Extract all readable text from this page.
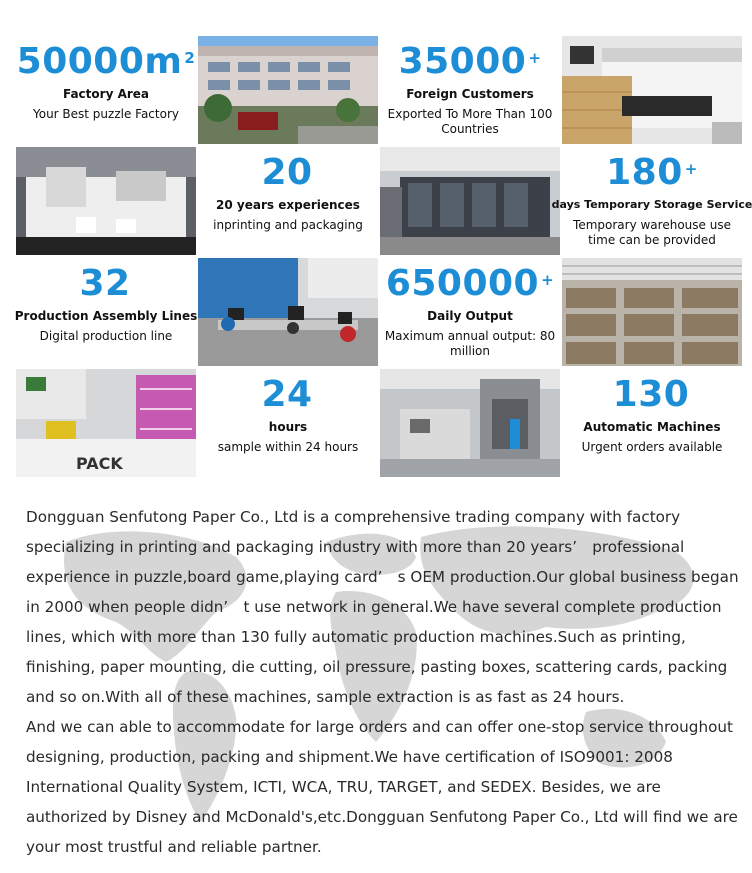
50000m $^2$
Factory Area
Your Best puzzle Factory
35000 +
Foreign Customers
Exported To More Than 100 Countries
20
20 years experiences
inprinting and packaging
180 +
days Temporary Storage Service
Temporary warehouse use time can be provided
32
Production Assembly Lines
Digital production line
650000 +
Daily Output
Maximum annual output: 80 million
PACK
24
hours
sample within 24 hours
130
Automatic Machines
Urgent orders available

Dongguan Senfutong Paper Co., Ltd is a comprehensive trading company with factory specializing in printing and packaging industry with more than 20 years’　professional experience in puzzle,board game,playing card’　s OEM production.Our global business began in 2000 when people didn’　t use network in general.We have several complete production lines, which with more than 130 fully automatic production machines.Such as printing, finishing, paper mounting, die cutting, oil pressure, pasting boxes, scattering cards, packing and so on.With all of these machines, sample extraction is as fast as 24 hours.

And we can able to accommodate for large orders and can offer one-stop service throughout designing, production, packing and shipment.We have certification of ISO9001: 2008 International Quality System, ICTI, WCA, TRU, TARGET, and SEDEX. Besides, we are authorized by Disney and McDonald's,etc.Dongguan Senfutong Paper Co., Ltd will find we are your most trustful and reliable partner.
